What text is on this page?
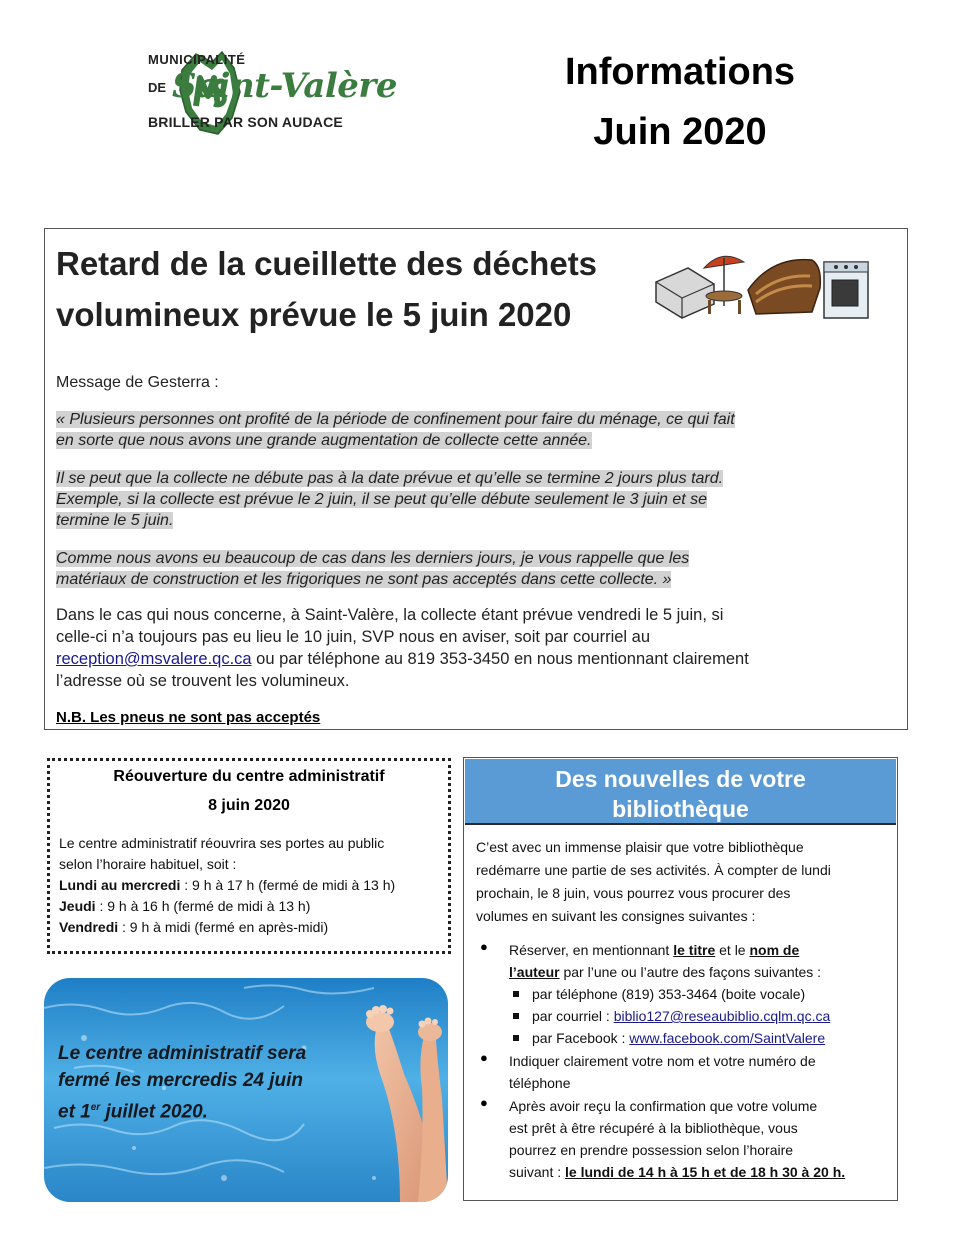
MUNICIPALITÉ
DE Saint-Valère
BRILLER PAR SON AUDACE
Informations
Juin 2020
Retard de la cueillette des déchets
volumineux prévue le 5 juin 2020
Message de Gesterra :
« Plusieurs personnes ont profité de la période de confinement pour faire du ménage, ce qui fait
en sorte que nous avons une grande augmentation de collecte cette année.
Il se peut que la collecte ne débute pas à la date prévue et qu’elle se termine 2 jours plus tard.
Exemple, si la collecte est prévue le 2 juin, il se peut qu’elle débute seulement le 3 juin et se
termine le 5 juin.
Comme nous avons eu beaucoup de cas dans les derniers jours, je vous rappelle que les
matériaux de construction et les frigoriques ne sont pas acceptés dans cette collecte. »
Dans le cas qui nous concerne, à Saint-Valère, la collecte étant prévue vendredi le 5 juin, si
celle-ci n’a toujours pas eu lieu le 10 juin, SVP nous en aviser, soit par courriel au
reception@msvalere.qc.ca ou par téléphone au 819 353-3450 en nous mentionnant clairement
l’adresse où se trouvent les volumineux.
N.B. Les pneus ne sont pas acceptés
Réouverture du centre administratif
8 juin 2020
Le centre administratif réouvrira ses portes au public
selon l’horaire habituel, soit :
Lundi au mercredi : 9 h à 17 h (fermé de midi à 13 h)
Jeudi : 9 h à 16 h (fermé de midi à 13 h)
Vendredi : 9 h à midi (fermé en après-midi)
Le centre administratif sera
fermé les mercredis 24 juin
et 1er juillet 2020.
Des nouvelles de votre
bibliothèque
C’est avec un immense plaisir que votre bibliothèque
redémarre une partie de ses activités. À compter de lundi
prochain, le 8 juin, vous pourrez vous procurer des
volumes en suivant les consignes suivantes :
● Réserver, en mentionnant le titre et le nom de
l’auteur par l’une ou l’autre des façons suivantes :
par téléphone (819) 353-3464 (boite vocale)
par courriel : biblio127@reseaubiblio.cqlm.qc.ca
par Facebook : www.facebook.com/SaintValere
● Indiquer clairement votre nom et votre numéro de
téléphone
● Après avoir reçu la confirmation que votre volume
est prêt à être récupéré à la bibliothèque, vous
pourrez en prendre possession selon l’horaire
suivant : le lundi de 14 h à 15 h et de 18 h 30 à 20 h.
